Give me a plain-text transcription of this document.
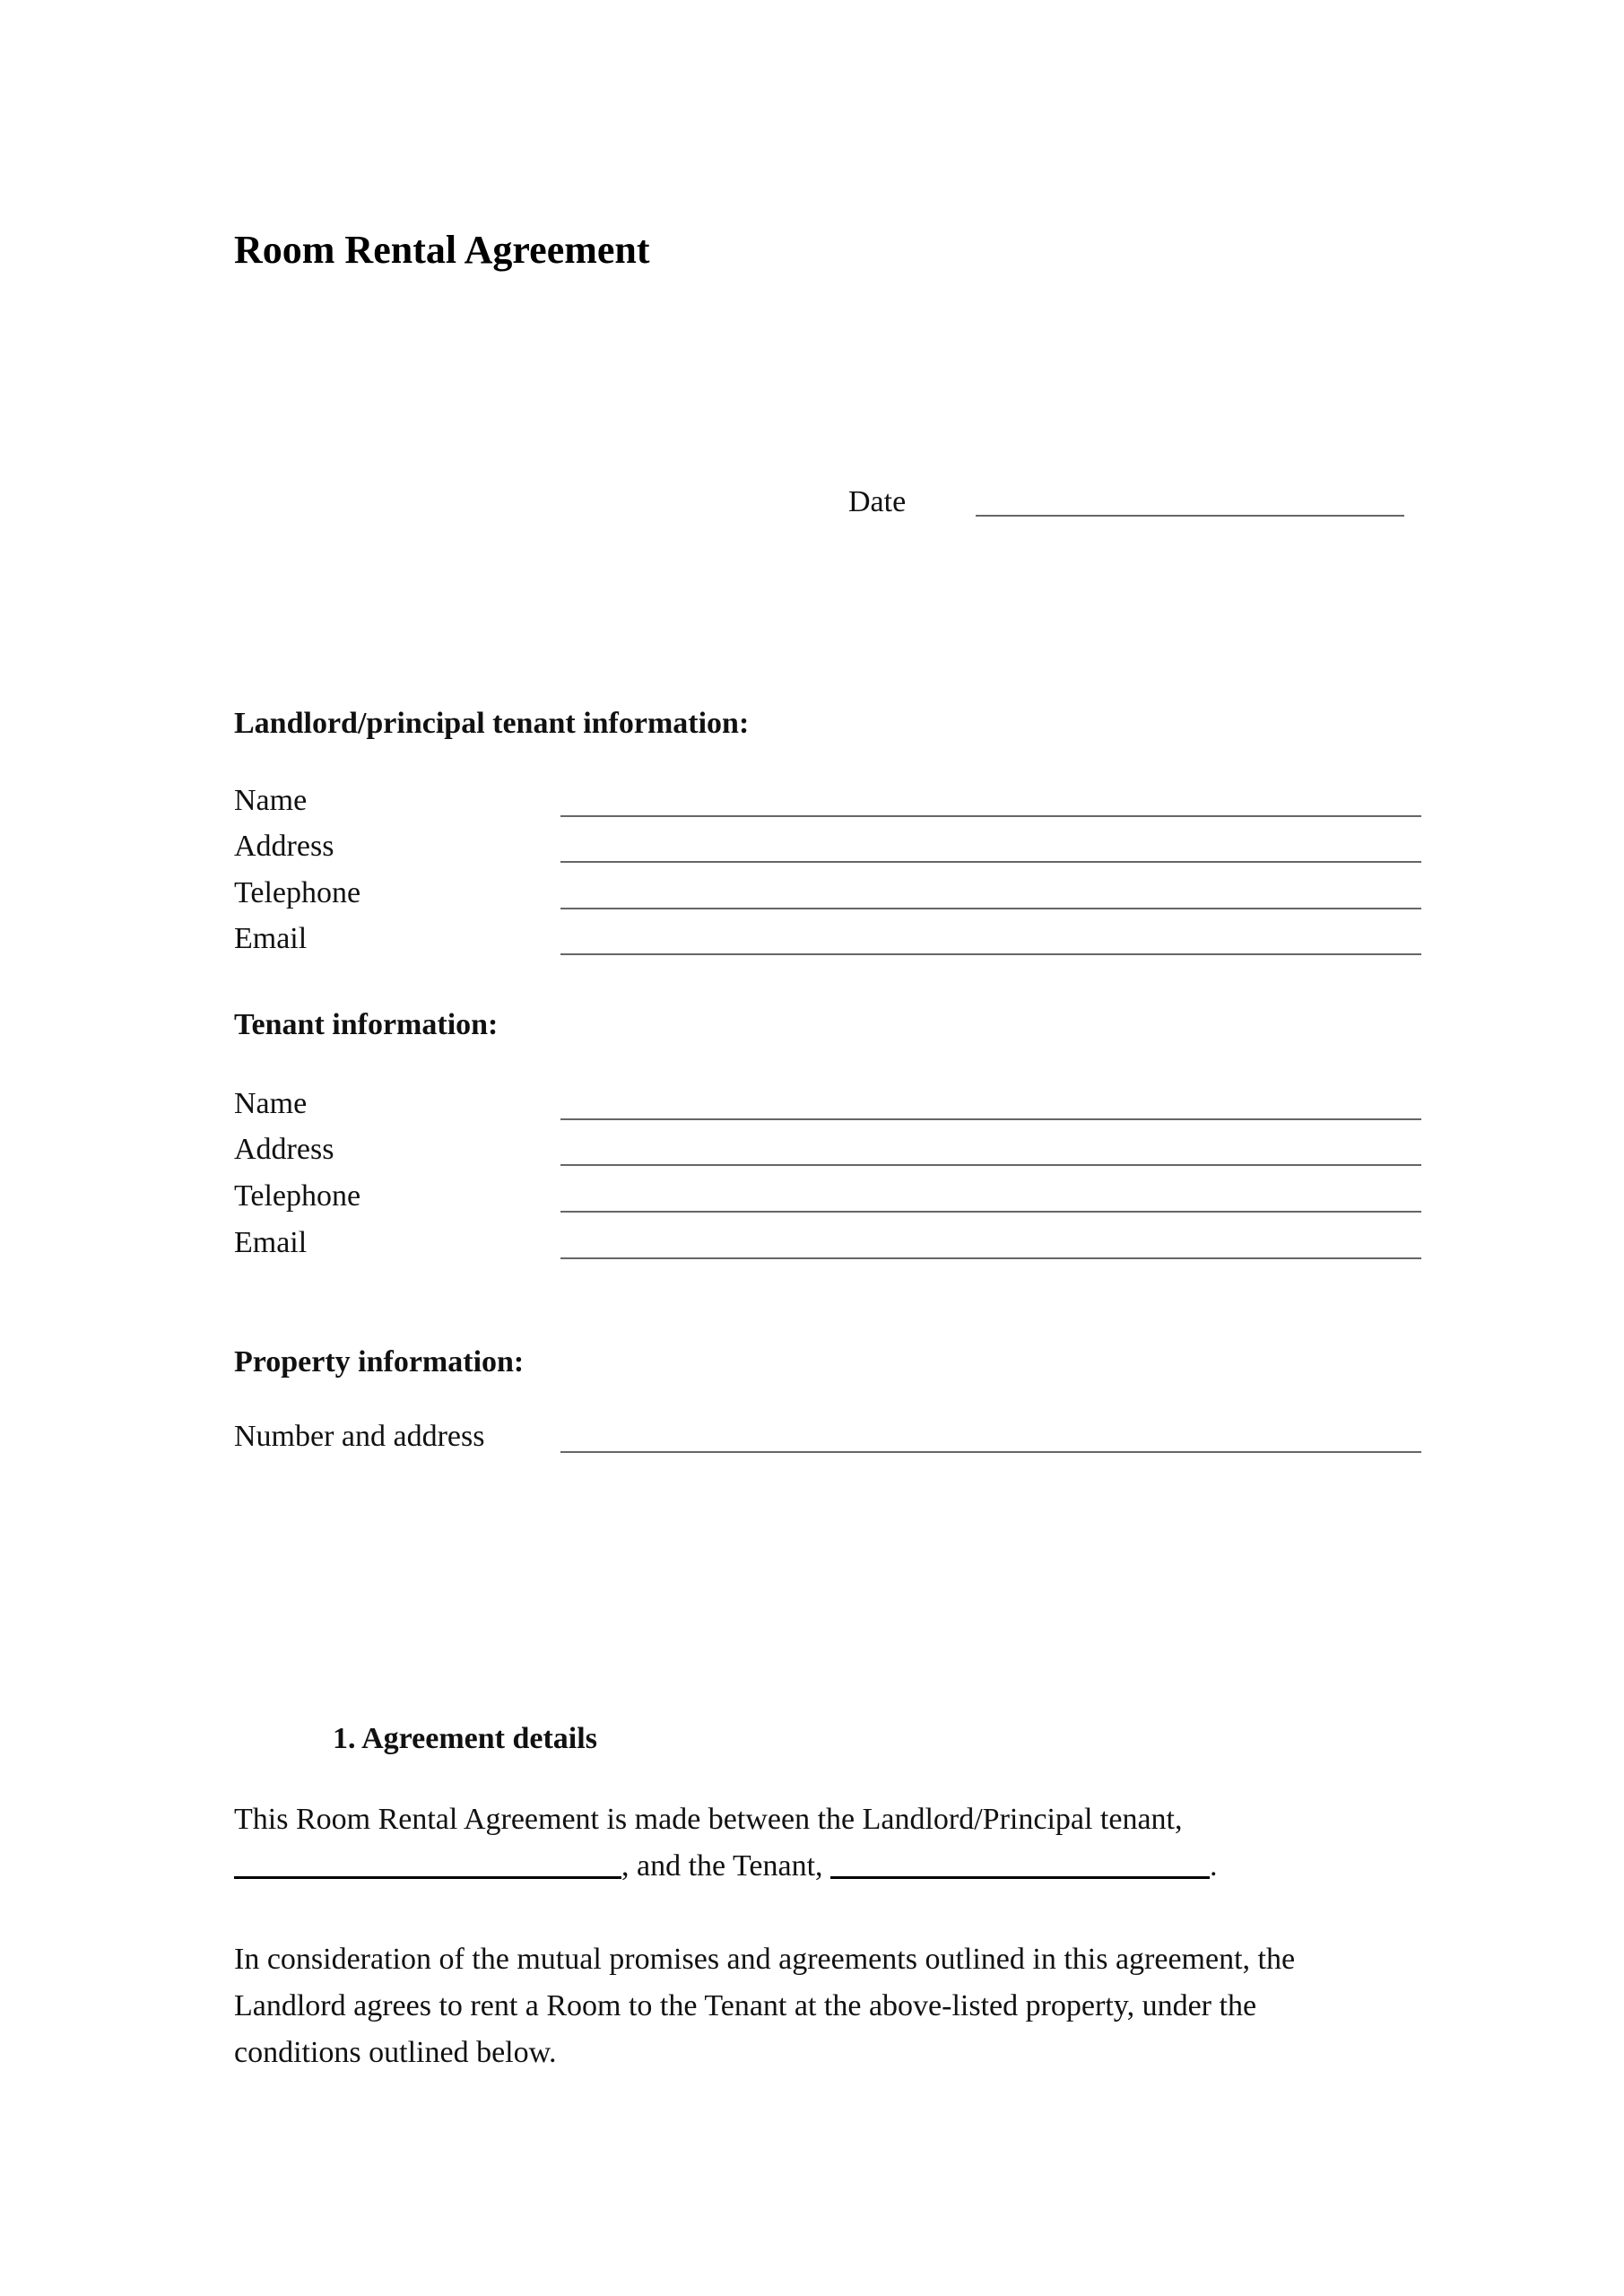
Room Rental Agreement
Date
Landlord/principal tenant information:
Name
Address
Telephone
Email
Tenant information:
Name
Address
Telephone
Email
Property information:
Number and address
1. Agreement details

This Room Rental Agreement is made between the Landlord/Principal tenant,
, and the Tenant,	.

In consideration of the mutual promises and agreements outlined in this agreement, the
Landlord agrees to rent a Room to the Tenant at the above-listed property, under the
conditions outlined below.
